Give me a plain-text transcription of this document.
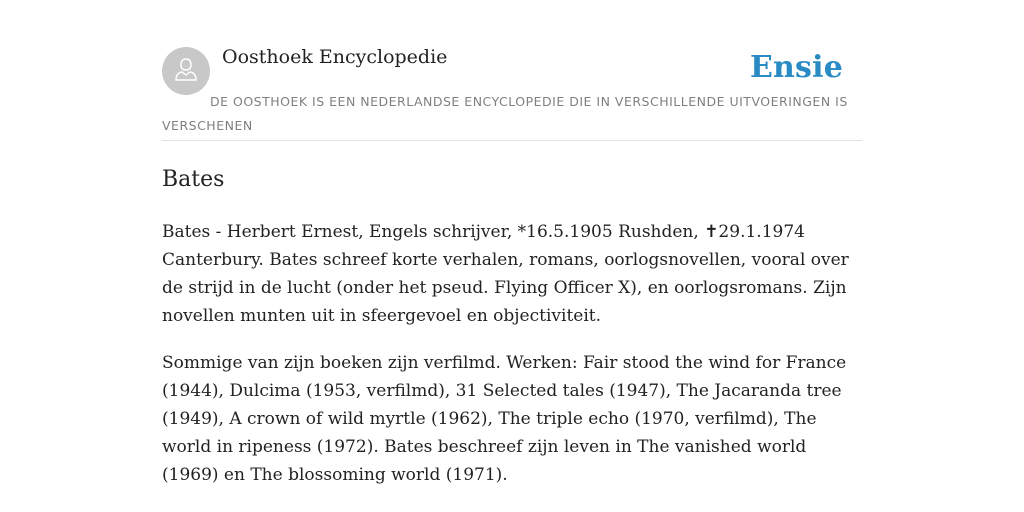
Oosthoek Encyclopedie	Ensie
DE OOSTHOEK IS EEN NEDERLANDSE ENCYCLOPEDIE DIE IN VERSCHILLENDE UITVOERINGEN IS VERSCHENEN
Bates

Bates - Herbert Ernest, Engels schrijver, *16.5.1905 Rushden, ✝29.1.1974 Canterbury. Bates schreef korte verhalen, romans, oorlogsnovellen, vooral over de strijd in de lucht (onder het pseud. Flying Officer X), en oorlogsromans. Zijn novellen munten uit in sfeergevoel en objectiviteit.

Sommige van zijn boeken zijn verfilmd. Werken: Fair stood the wind for France (1944), Dulcima (1953, verfilmd), 31 Selected tales (1947), The Jacaranda tree (1949), A crown of wild myrtle (1962), The triple echo (1970, verfilmd), The world in ripeness (1972). Bates beschreef zijn leven in The vanished world (1969) en The blossoming world (1971).
